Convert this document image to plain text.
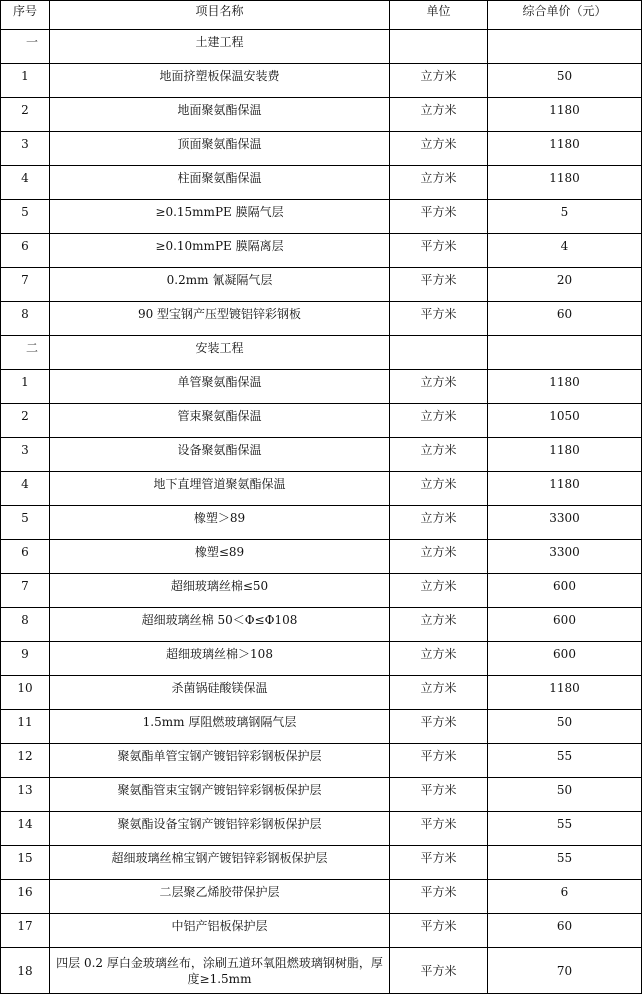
序号	项目名称	单位	综合单价（元）
一	土建工程		
1	地面挤塑板保温安装费	立方米	50
2	地面聚氨酯保温	立方米	1180
3	顶面聚氨酯保温	立方米	1180
4	柱面聚氨酯保温	立方米	1180
5	≥0.15mmPE 膜隔气层	平方米	5
6	≥0.10mmPE 膜隔离层	平方米	4
7	0.2mm 氰凝隔气层	平方米	20
8	90 型宝钢产压型镀铝锌彩钢板	平方米	60
二	安装工程		
1	单管聚氨酯保温	立方米	1180
2	管束聚氨酯保温	立方米	1050
3	设备聚氨酯保温	立方米	1180
4	地下直埋管道聚氨酯保温	立方米	1180
5	橡塑＞89	立方米	3300
6	橡塑≤89	立方米	3300
7	超细玻璃丝棉≤50	立方米	600
8	超细玻璃丝棉 50＜Φ≤Φ108	立方米	600
9	超细玻璃丝棉＞108	立方米	600
10	杀菌锅硅酸镁保温	立方米	1180
11	1.5mm 厚阻燃玻璃钢隔气层	平方米	50
12	聚氨酯单管宝钢产镀铝锌彩钢板保护层	平方米	55
13	聚氨酯管束宝钢产镀铝锌彩钢板保护层	平方米	50
14	聚氨酯设备宝钢产镀铝锌彩钢板保护层	平方米	55
15	超细玻璃丝棉宝钢产镀铝锌彩钢板保护层	平方米	55
16	二层聚乙烯胶带保护层	平方米	6
17	中铝产铝板保护层	平方米	60
18	四层 0.2 厚白金玻璃丝布，涂刷五道环氧阻燃玻璃钢树脂，厚度≥1.5mm	平方米	70
